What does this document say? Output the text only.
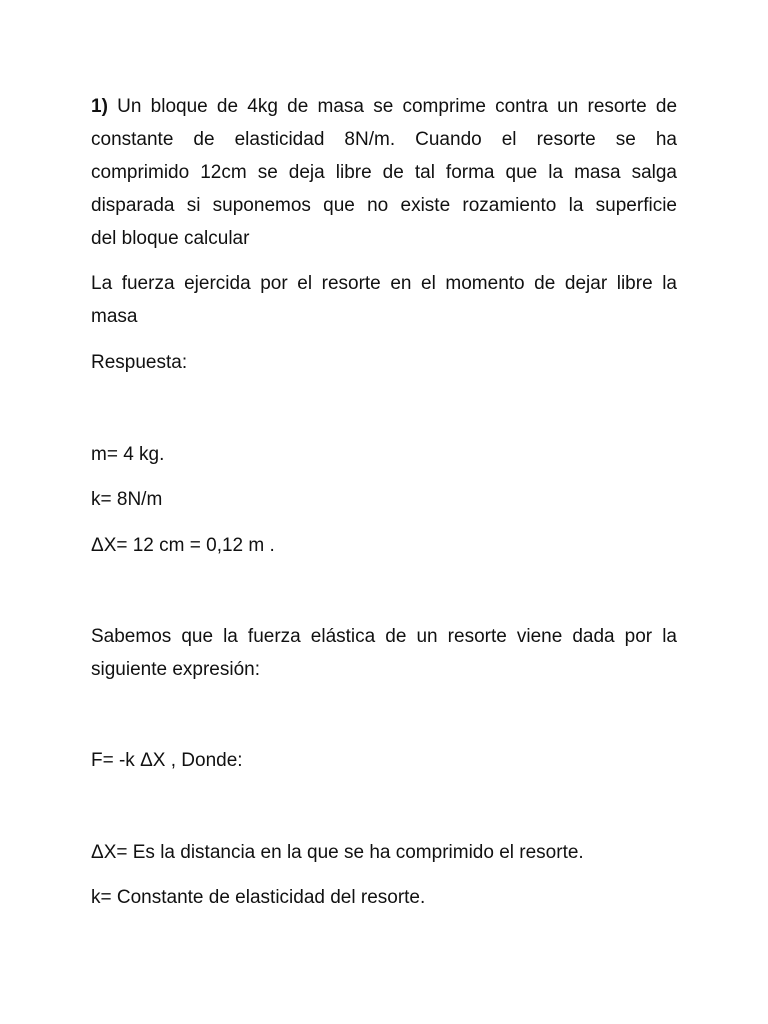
1) Un bloque de 4kg de masa se comprime contra un resorte de
constante de elasticidad 8N/m. Cuando el resorte se ha
comprimido 12cm se deja libre de tal forma que la masa salga
disparada si suponemos que no existe rozamiento la superficie
del bloque calcular
La fuerza ejercida por el resorte en el momento de dejar libre la
masa
Respuesta:
m= 4 kg.
k= 8N/m
ΔX= 12 cm = 0,12 m .
Sabemos que la fuerza elástica de un resorte viene dada por la
siguiente expresión:
F= -k ΔX , Donde:
ΔX= Es la distancia en la que se ha comprimido el resorte.
k= Constante de elasticidad del resorte.
